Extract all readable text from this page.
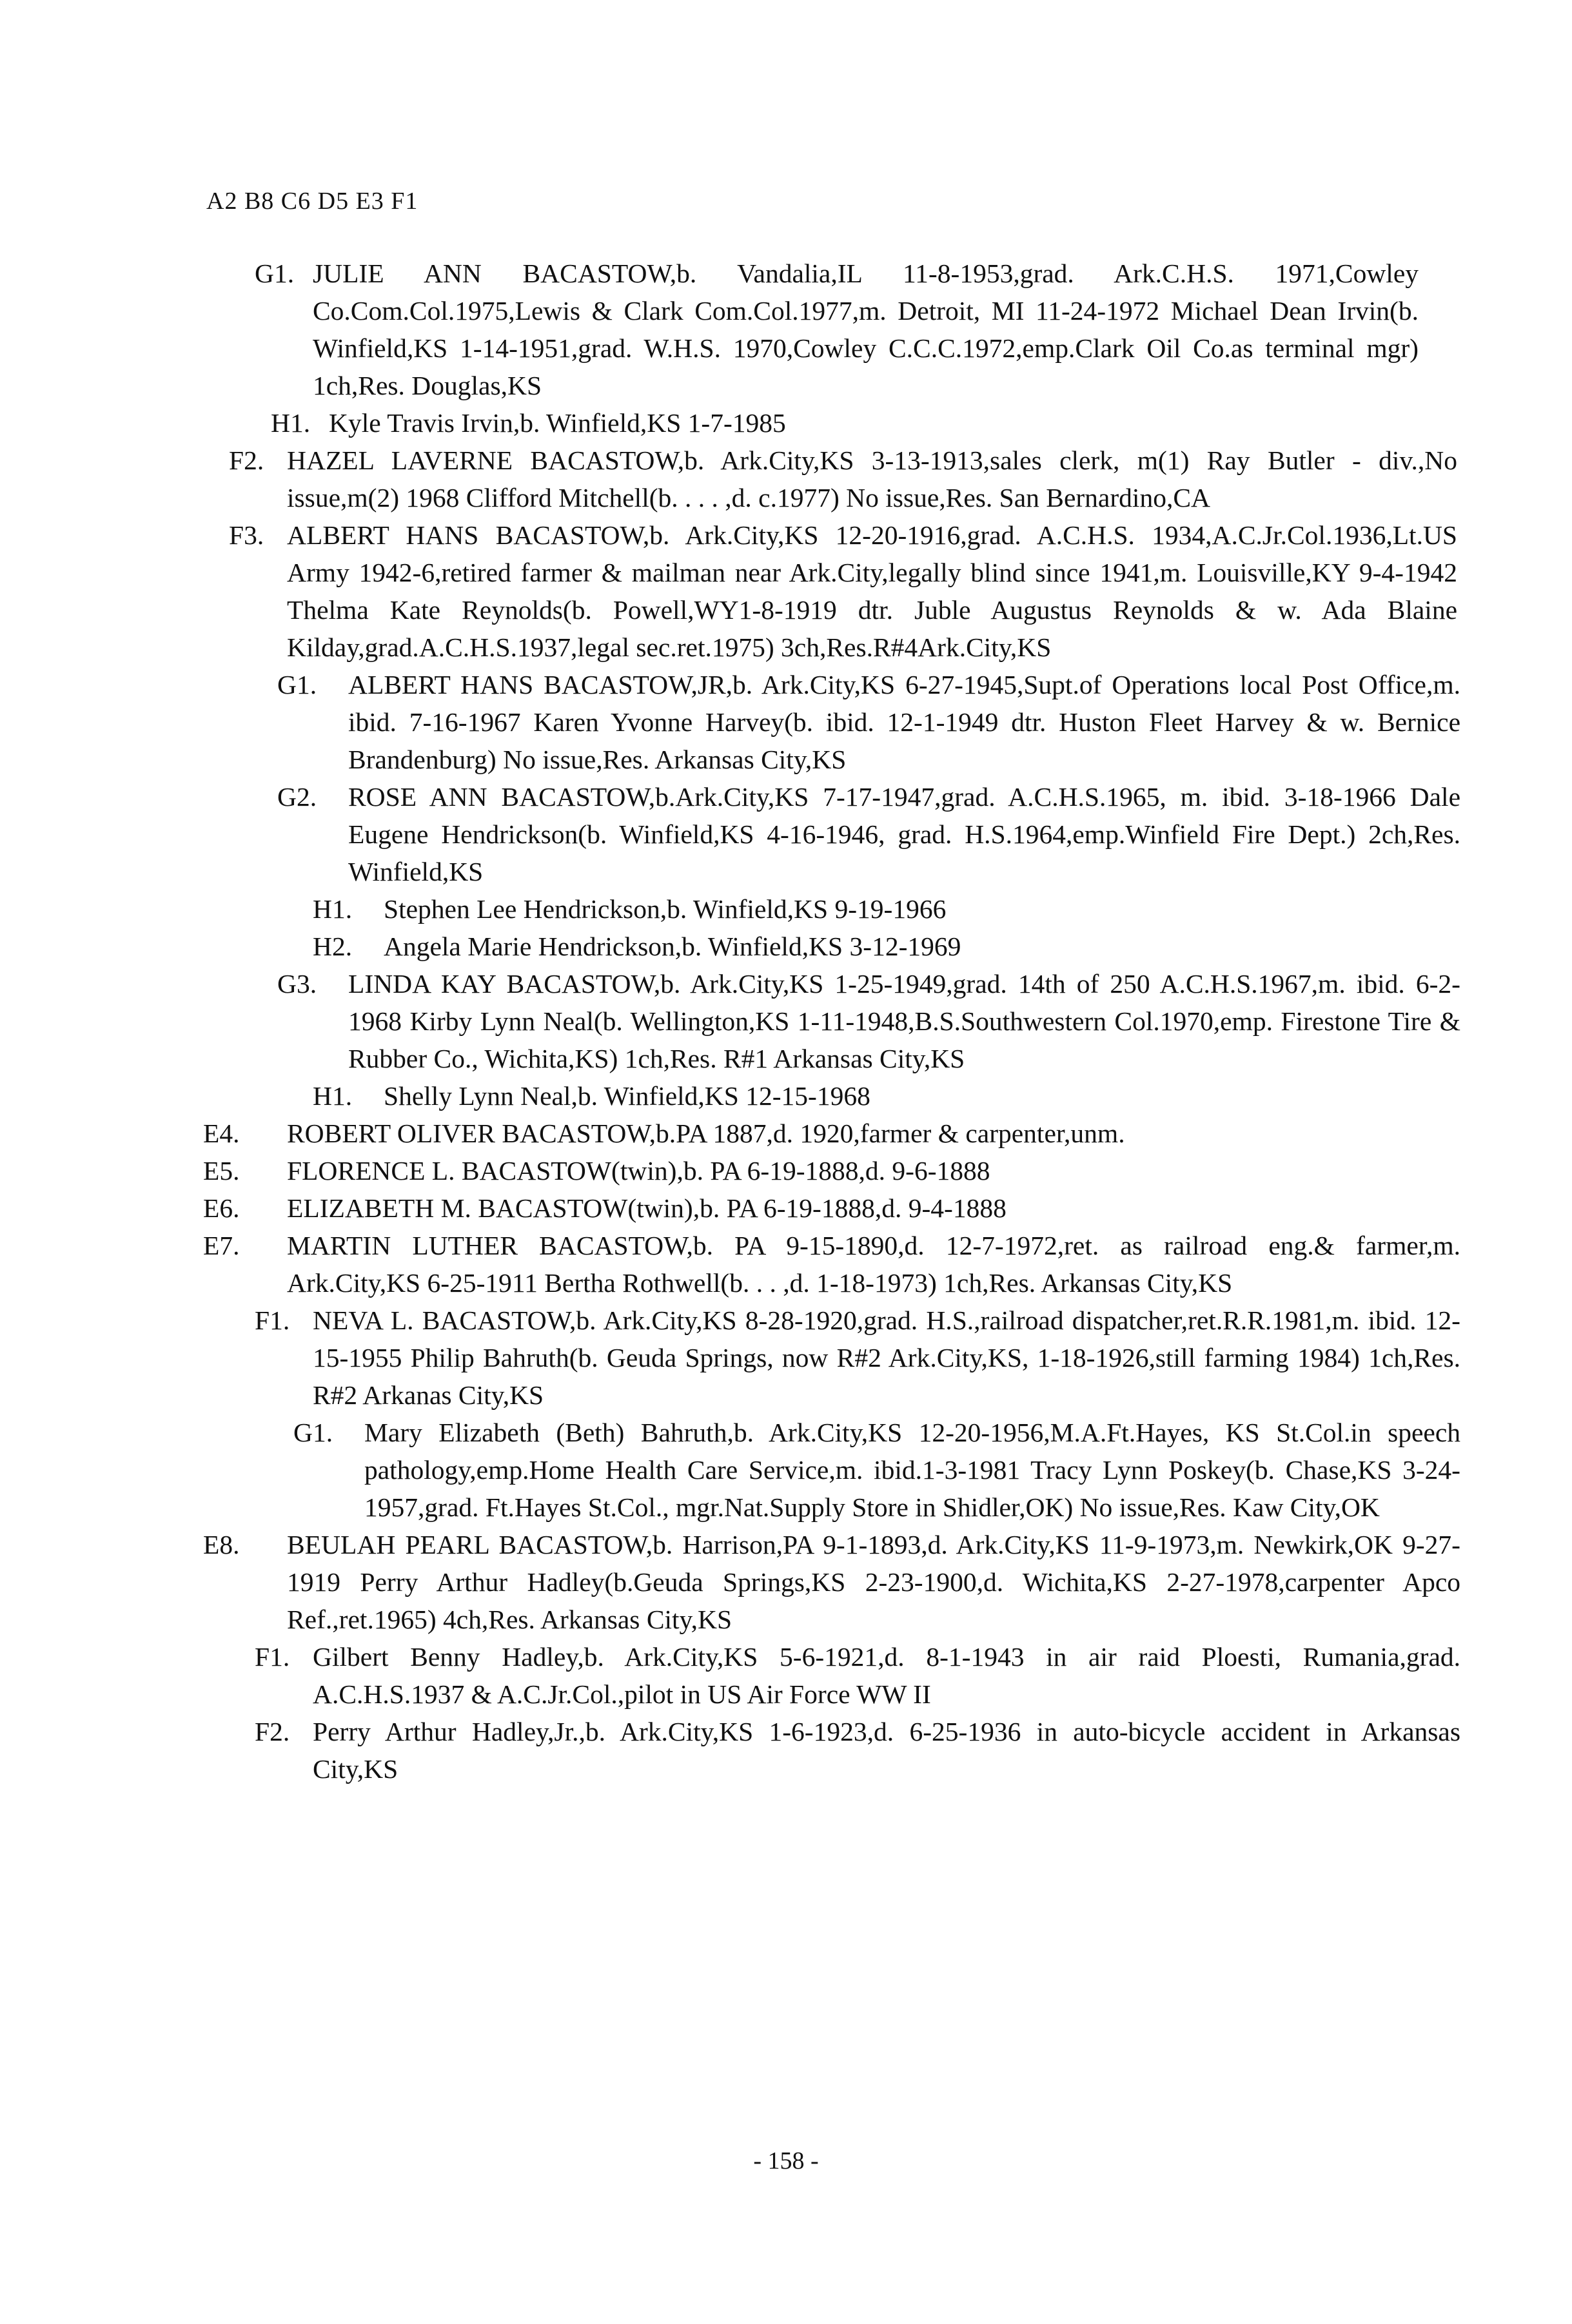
A2 B8 C6 D5 E3 F1
G1. JULIE ANN BACASTOW,b. Vandalia,IL 11-8-1953,grad. Ark.C.H.S. 1971,Cowley Co.Com.Col.1975,Lewis & Clark Com.Col.1977,m. Detroit, MI 11-24-1972 Michael Dean Irvin(b. Winfield,KS 1-14-1951,grad. W.H.S. 1970,Cowley C.C.C.1972,emp.Clark Oil Co.as terminal mgr) 1ch,Res. Douglas,KS
H1. Kyle Travis Irvin,b. Winfield,KS 1-7-1985
F2. HAZEL LAVERNE BACASTOW,b. Ark.City,KS 3-13-1913,sales clerk, m(1) Ray Butler - div.,No issue,m(2) 1968 Clifford Mitchell(b. . . . ,d. c.1977) No issue,Res. San Bernardino,CA
F3. ALBERT HANS BACASTOW,b. Ark.City,KS 12-20-1916,grad. A.C.H.S. 1934,A.C.Jr.Col.1936,Lt.US Army 1942-6,retired farmer & mailman near Ark.City,legally blind since 1941,m. Louisville,KY 9-4-1942 Thelma Kate Reynolds(b. Powell,WY1-8-1919 dtr. Juble Augustus Reynolds & w. Ada Blaine Kilday,grad.A.C.H.S.1937,legal sec.ret.1975) 3ch,Res.R#4Ark.City,KS
G1. ALBERT HANS BACASTOW,JR,b. Ark.City,KS 6-27-1945,Supt.of Operations local Post Office,m. ibid. 7-16-1967 Karen Yvonne Harvey(b. ibid. 12-1-1949 dtr. Huston Fleet Harvey & w. Bernice Brandenburg) No issue,Res. Arkansas City,KS
G2. ROSE ANN BACASTOW,b.Ark.City,KS 7-17-1947,grad. A.C.H.S.1965, m. ibid. 3-18-1966 Dale Eugene Hendrickson(b. Winfield,KS 4-16-1946, grad. H.S.1964,emp.Winfield Fire Dept.) 2ch,Res. Winfield,KS
H1. Stephen Lee Hendrickson,b. Winfield,KS 9-19-1966
H2. Angela Marie Hendrickson,b. Winfield,KS 3-12-1969
G3. LINDA KAY BACASTOW,b. Ark.City,KS 1-25-1949,grad. 14th of 250 A.C.H.S.1967,m. ibid. 6-2-1968 Kirby Lynn Neal(b. Wellington,KS 1-11-1948,B.S.Southwestern Col.1970,emp. Firestone Tire & Rubber Co., Wichita,KS) 1ch,Res. R#1 Arkansas City,KS
H1. Shelly Lynn Neal,b. Winfield,KS 12-15-1968
E4. ROBERT OLIVER BACASTOW,b.PA 1887,d. 1920,farmer & carpenter,unm.
E5. FLORENCE L. BACASTOW(twin),b. PA 6-19-1888,d. 9-6-1888
E6. ELIZABETH M. BACASTOW(twin),b. PA 6-19-1888,d. 9-4-1888
E7. MARTIN LUTHER BACASTOW,b. PA 9-15-1890,d. 12-7-1972,ret. as railroad eng.& farmer,m. Ark.City,KS 6-25-1911 Bertha Rothwell(b. . . ,d. 1-18-1973) 1ch,Res. Arkansas City,KS
F1. NEVA L. BACASTOW,b. Ark.City,KS 8-28-1920,grad. H.S.,railroad dispatcher,ret.R.R.1981,m. ibid. 12-15-1955 Philip Bahruth(b. Geuda Springs, now R#2 Ark.City,KS, 1-18-1926,still farming 1984) 1ch,Res. R#2 Arkanas City,KS
G1. Mary Elizabeth (Beth) Bahruth,b. Ark.City,KS 12-20-1956,M.A.Ft.Hayes, KS St.Col.in speech pathology,emp.Home Health Care Service,m. ibid.1-3-1981 Tracy Lynn Poskey(b. Chase,KS 3-24-1957,grad. Ft.Hayes St.Col., mgr.Nat.Supply Store in Shidler,OK) No issue,Res. Kaw City,OK
E8. BEULAH PEARL BACASTOW,b. Harrison,PA 9-1-1893,d. Ark.City,KS 11-9-1973,m. Newkirk,OK 9-27-1919 Perry Arthur Hadley(b.Geuda Springs,KS 2-23-1900,d. Wichita,KS 2-27-1978,carpenter Apco Ref.,ret.1965) 4ch,Res. Arkansas City,KS
F1. Gilbert Benny Hadley,b. Ark.City,KS 5-6-1921,d. 8-1-1943 in air raid Ploesti, Rumania,grad. A.C.H.S.1937 & A.C.Jr.Col.,pilot in US Air Force WW II
F2. Perry Arthur Hadley,Jr.,b. Ark.City,KS 1-6-1923,d. 6-25-1936 in auto-bicycle accident in Arkansas City,KS
- 158 -
